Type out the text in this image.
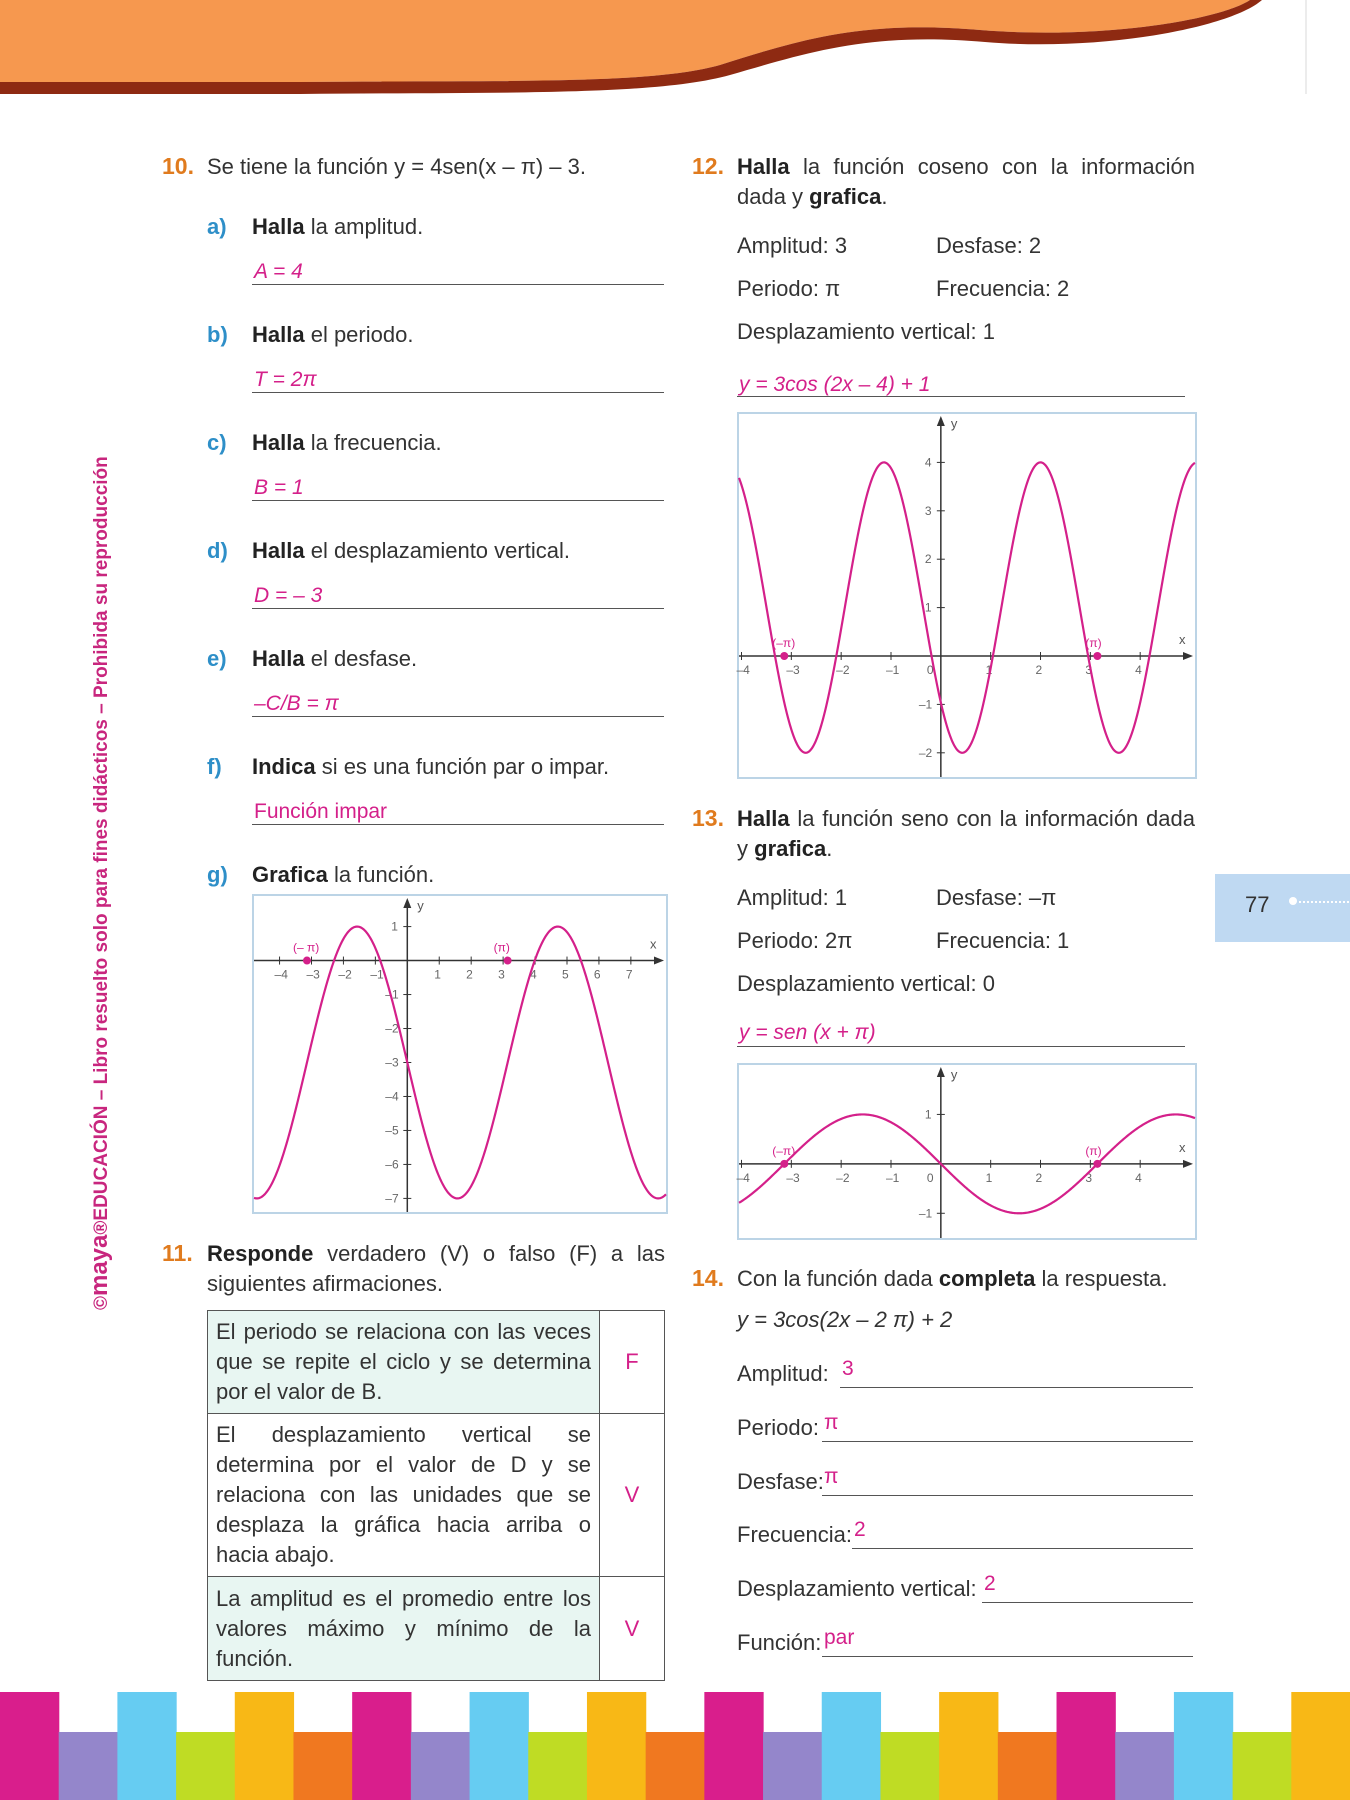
©maya®EDUCACIÓN – Libro resuelto solo para fines didácticos – Prohibida su reproducción	77
10. Se tiene la función y = 4sen(x – π) – 3.
a) Halla la amplitud.
A = 4
b) Halla el periodo.
T = 2π
c) Halla la frecuencia.
B = 1
d) Halla el desplazamiento vertical.
D = – 3
e) Halla el desfase.
–C/B = π
f) Indica si es una función par o impar.
Función impar
g) Grafica la función.
x
y
–4 –3 –2 –1	1 2 3 4 5 6 7
1
–1
–2
–3
–4
–5
–6
–7
(– π)	(π)
11. Responde verdadero (V) o falso (F) a las siguientes afirmaciones.
El periodo se relaciona con las veces que se repite el ciclo y se determina por el valor de B.	F
El desplazamiento vertical se determina por el valor de D y se relaciona con las unidades que se desplaza la gráfica hacia arriba o hacia abajo.	V
La amplitud es el promedio entre los valores máximo y mínimo de la función.	V
12. Halla la función coseno con la información dada y grafica.
Amplitud: 3	Desfase: 2
Periodo: π	Frecuencia: 2
Desplazamiento vertical: 1
y = 3cos (2x – 4) + 1
x
y
–4	–3	–2	–1 0	1	2	3	4
4
3
2
1
–1
–2
(–π)	(π)
13. Halla la función seno con la información dada y grafica.
Amplitud: 1	Desfase: –π
Periodo: 2π	Frecuencia: 1
Desplazamiento vertical: 0
y = sen (x + π)
x
y
–4	–3	–2	–1 0	1	2	3	4
1
–1
(–π)	(π)
14. Con la función dada completa la respuesta.
y = 3cos(2x – 2 π) + 2
Amplitud: 3
Periodo: π
Desfase: π
Frecuencia: 2
Desplazamiento vertical: 2
Función: par
